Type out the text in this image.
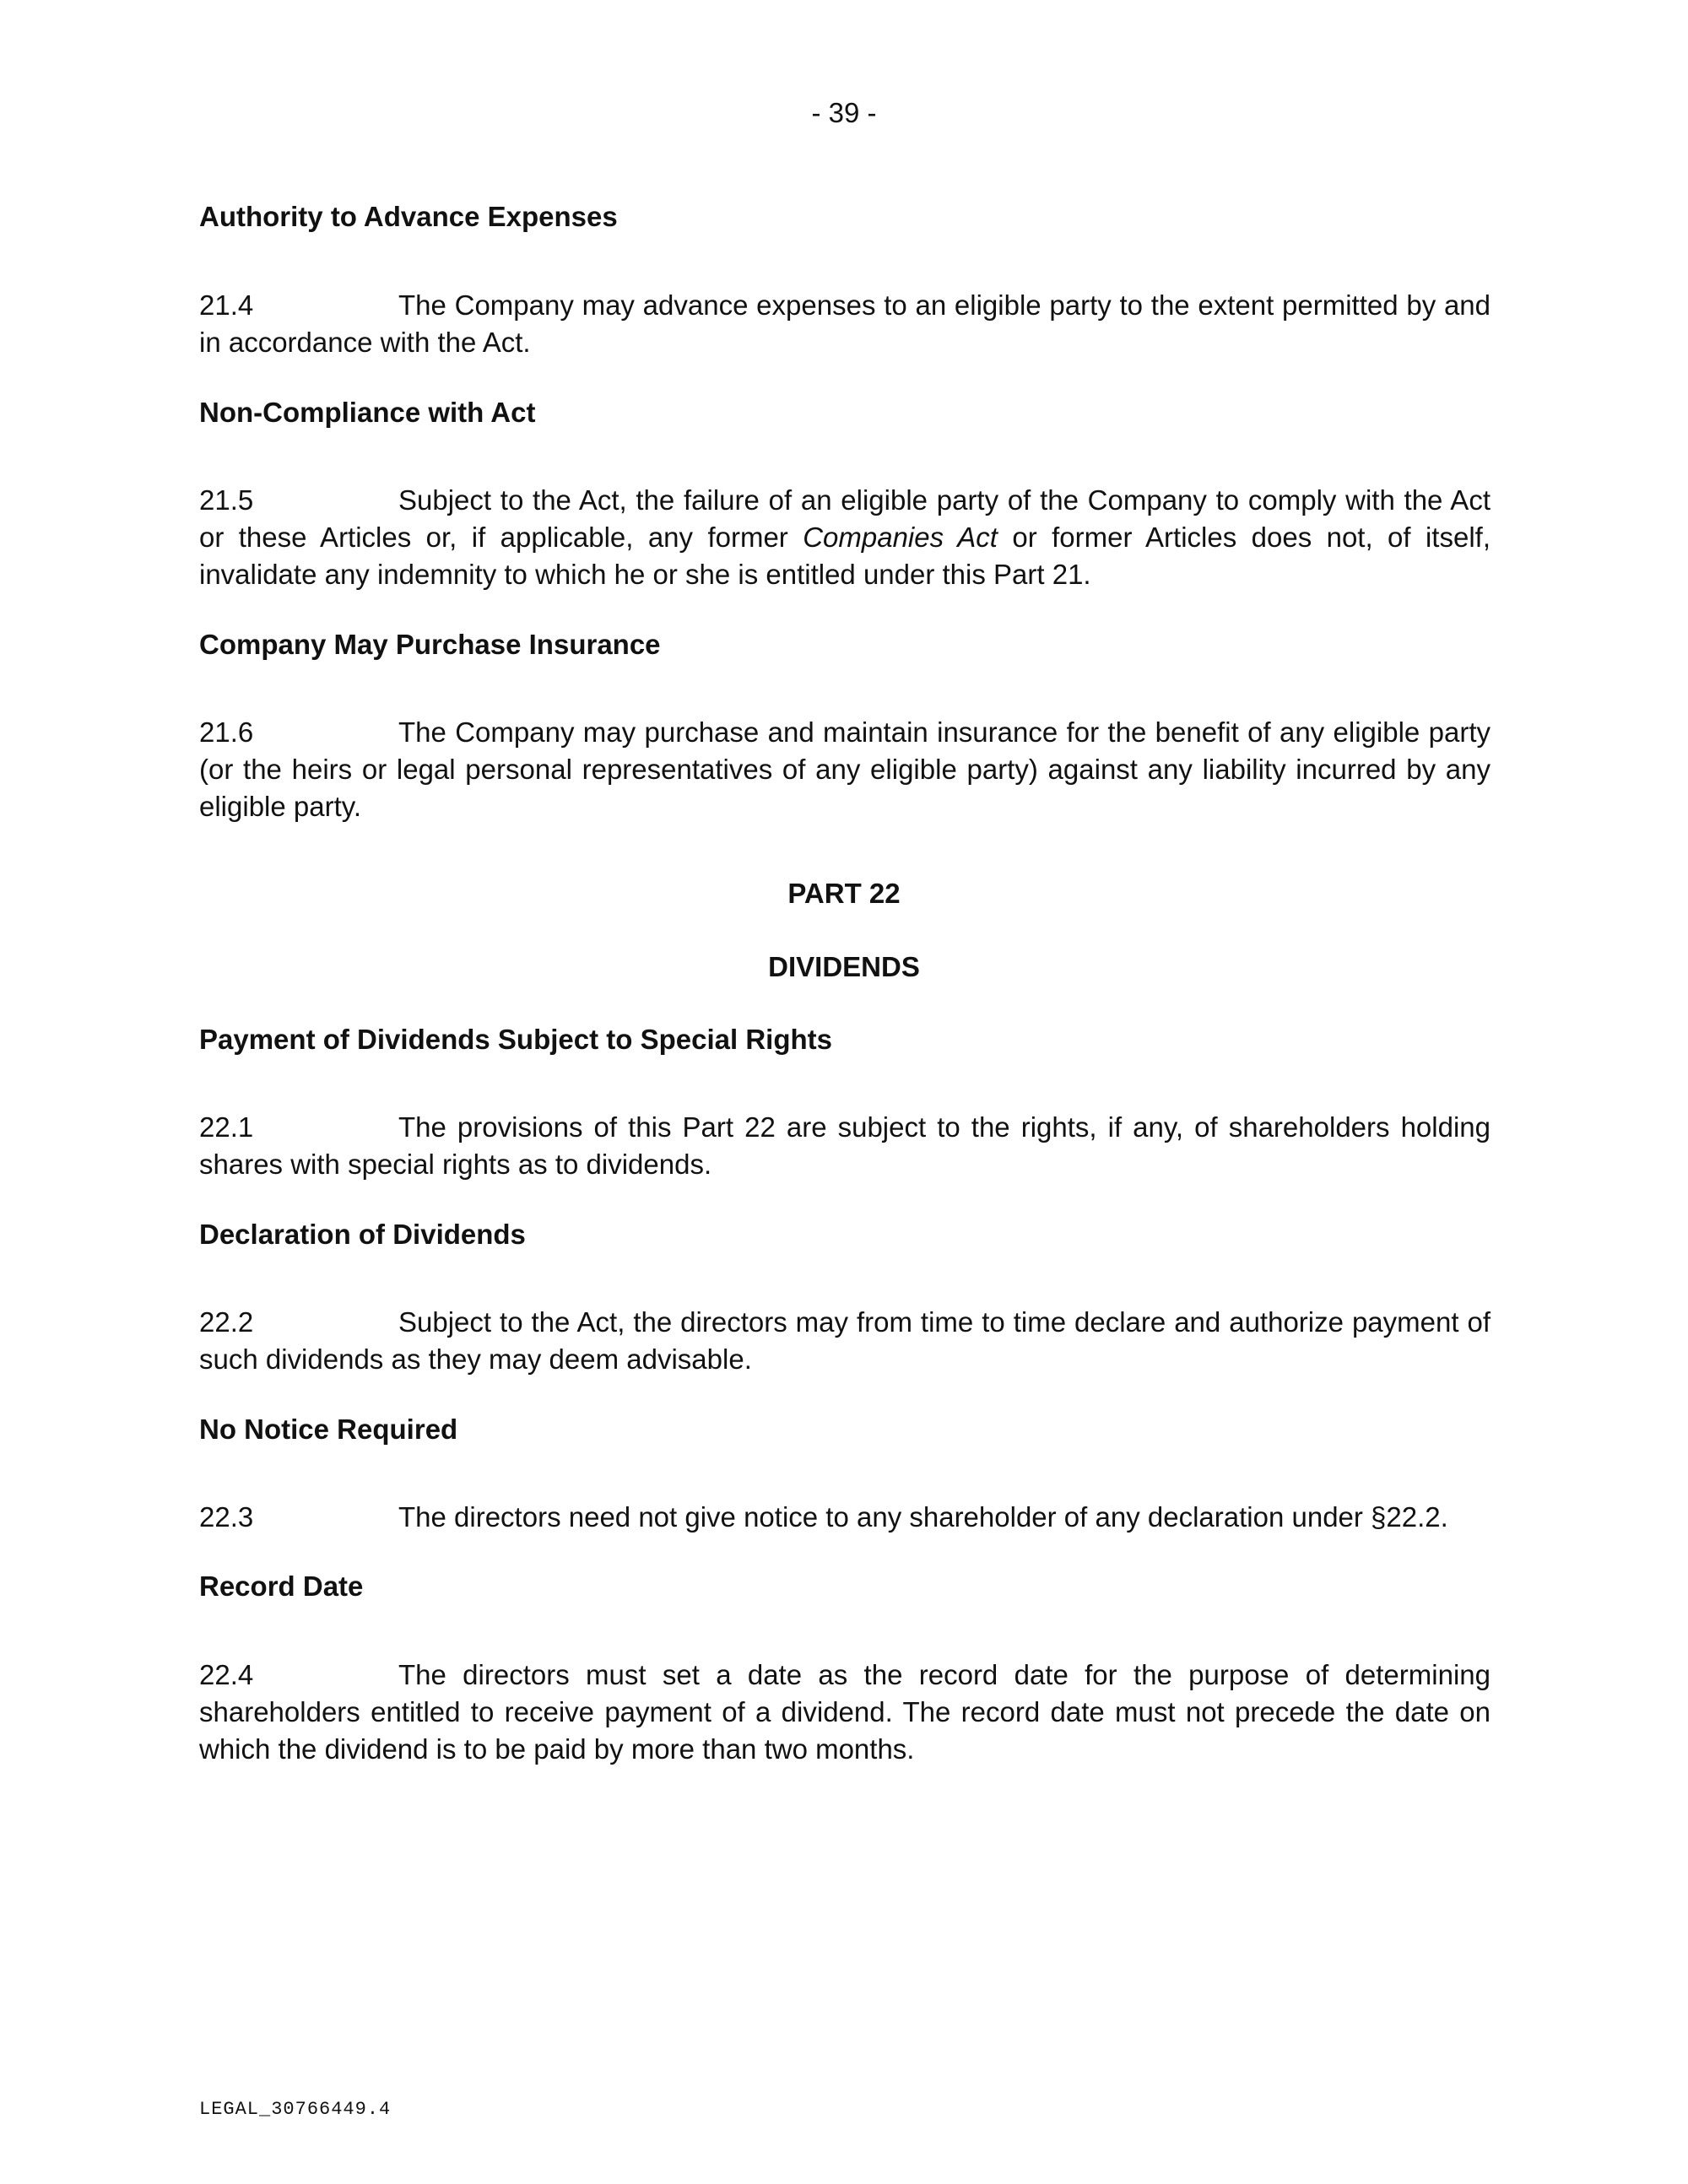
- 39 -
Authority to Advance Expenses
21.4	The Company may advance expenses to an eligible party to the extent permitted by and in accordance with the Act.
Non-Compliance with Act
21.5	Subject to the Act, the failure of an eligible party of the Company to comply with the Act or these Articles or, if applicable, any former Companies Act or former Articles does not, of itself, invalidate any indemnity to which he or she is entitled under this Part 21.
Company May Purchase Insurance
21.6	The Company may purchase and maintain insurance for the benefit of any eligible party (or the heirs or legal personal representatives of any eligible party) against any liability incurred by any eligible party.
PART 22
DIVIDENDS
Payment of Dividends Subject to Special Rights
22.1	The provisions of this Part 22 are subject to the rights, if any, of shareholders holding shares with special rights as to dividends.
Declaration of Dividends
22.2	Subject to the Act, the directors may from time to time declare and authorize payment of such dividends as they may deem advisable.
No Notice Required
22.3	The directors need not give notice to any shareholder of any declaration under §22.2.
Record Date
22.4	The directors must set a date as the record date for the purpose of determining shareholders entitled to receive payment of a dividend. The record date must not precede the date on which the dividend is to be paid by more than two months.
LEGAL_30766449.4
